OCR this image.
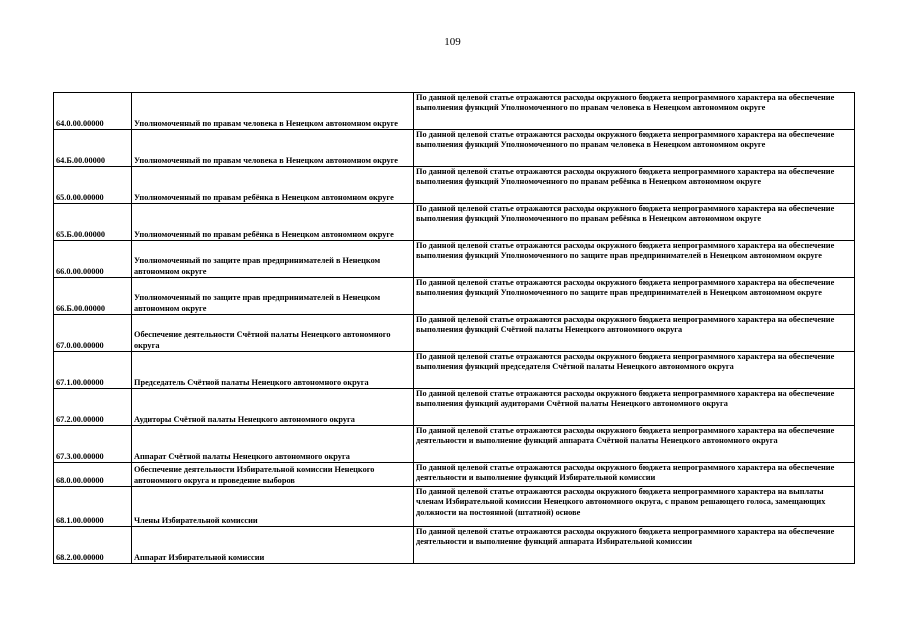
109
64.0.00.00000	Уполномоченный по правам человека в Ненецком автономном округе	По данной целевой статье отражаются расходы окружного бюджета непрограммного характера на обеспечение выполнения функций Уполномоченного по правам человека в Ненецком автономном округе
64.Б.00.00000	Уполномоченный по правам человека в Ненецком автономном округе	По данной целевой статье отражаются расходы окружного бюджета непрограммного характера на обеспечение выполнения функций Уполномоченного по правам человека в Ненецком автономном округе
65.0.00.00000	Уполномоченный по правам ребёнка в Ненецком автономном округе	По данной целевой статье отражаются расходы окружного бюджета непрограммного характера на обеспечение выполнения функций Уполномоченного по правам ребёнка в Ненецком автономном округе
65.Б.00.00000	Уполномоченный по правам ребёнка в Ненецком автономном округе	По данной целевой статье отражаются расходы окружного бюджета непрограммного характера на обеспечение выполнения функций Уполномоченного по правам ребёнка в Ненецком автономном округе
66.0.00.00000	Уполномоченный по защите прав предпринимателей в Ненецком автономном округе	По данной целевой статье отражаются расходы окружного бюджета непрограммного характера на обеспечение выполнения функций Уполномоченного по защите прав предпринимателей в Ненецком автономном округе
66.Б.00.00000	Уполномоченный по защите прав предпринимателей в Ненецком автономном округе	По данной целевой статье отражаются расходы окружного бюджета непрограммного характера на обеспечение выполнения функций Уполномоченного по защите прав предпринимателей в Ненецком автономном округе
67.0.00.00000	Обеспечение деятельности Счётной палаты Ненецкого автономного округа	По данной целевой статье отражаются расходы окружного бюджета непрограммного характера на обеспечение выполнения функций Счётной палаты Ненецкого автономного округа
67.1.00.00000	Председатель Счётной палаты Ненецкого автономного округа	По данной целевой статье отражаются расходы окружного бюджета непрограммного характера на обеспечение выполнения функций председателя Счётной палаты Ненецкого автономного округа
67.2.00.00000	Аудиторы Счётной палаты Ненецкого автономного округа	По данной целевой статье отражаются расходы окружного бюджета непрограммного характера на обеспечение выполнения функций аудиторами Счётной палаты Ненецкого автономного округа
67.3.00.00000	Аппарат Счётной палаты Ненецкого автономного округа	По данной целевой статье отражаются расходы окружного бюджета непрограммного характера на обеспечение деятельности и выполнение функций аппарата Счётной палаты Ненецкого автономного округа
68.0.00.00000	Обеспечение деятельности Избирательной комиссии Ненецкого автономного округа и проведение выборов	По данной целевой статье отражаются расходы окружного бюджета непрограммного характера на обеспечение деятельности и выполнение функций Избирательной комиссии
68.1.00.00000	Члены Избирательной комиссии	По данной целевой статье отражаются расходы окружного бюджета непрограммного характера на выплаты членам Избирательной комиссии Ненецкого автономного округа, с правом решающего голоса, замещающих должности на постоянной (штатной) основе
68.2.00.00000	Аппарат Избирательной комиссии	По данной целевой статье отражаются расходы окружного бюджета непрограммного характера на обеспечение деятельности и выполнение функций аппарата Избирательной комиссии
